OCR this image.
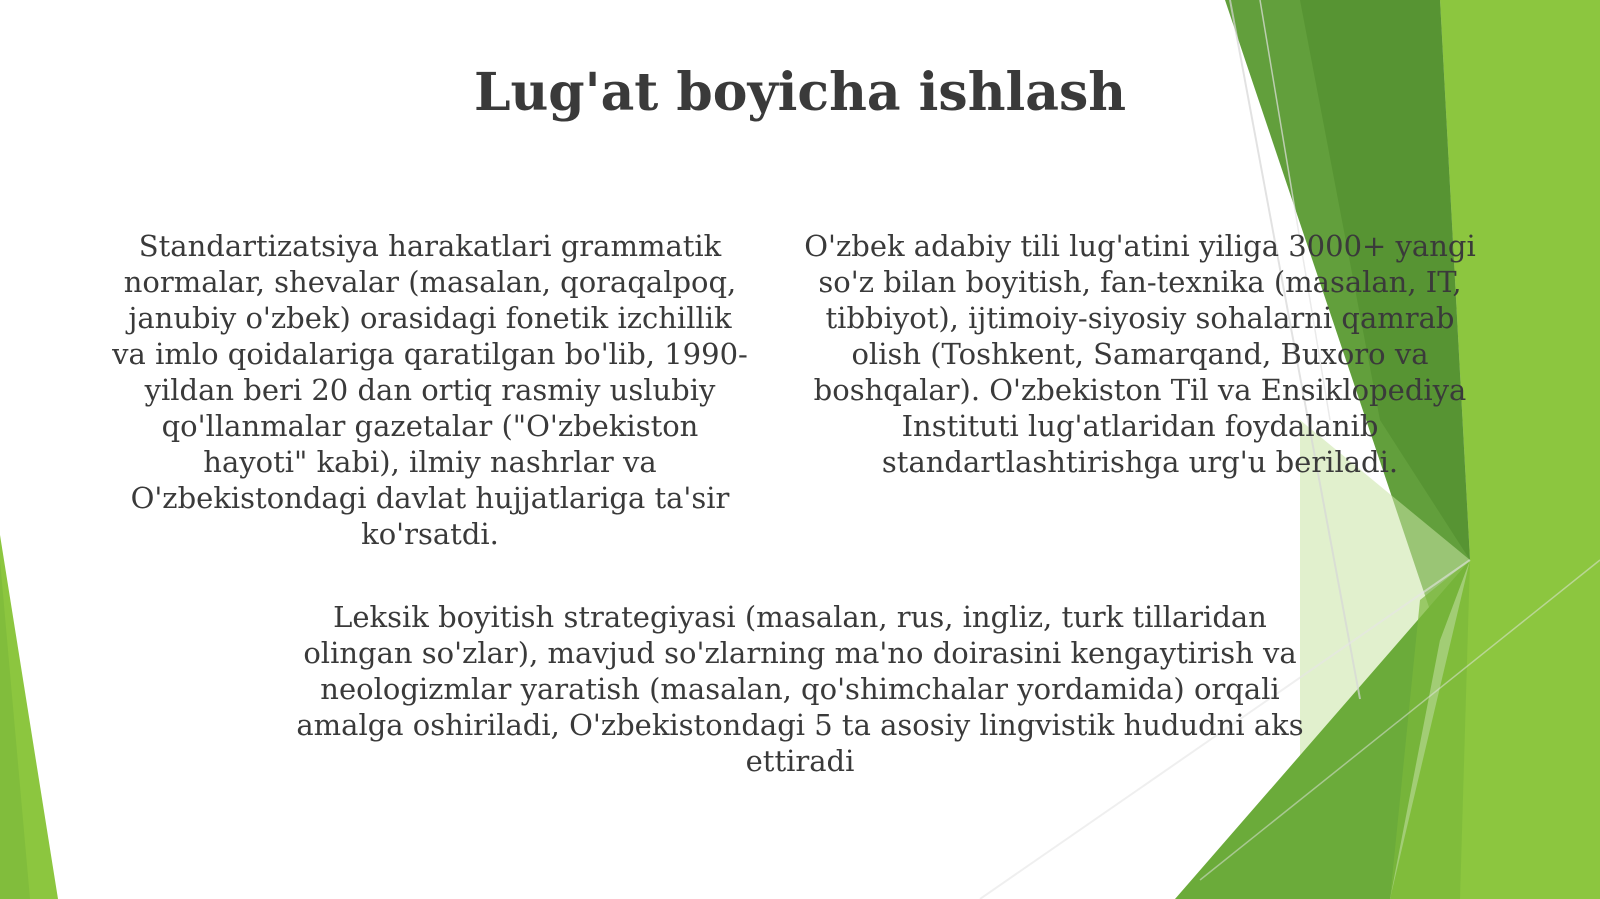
Lug'at boyicha ishlash

Standartizatsiya harakatlari grammatik normalar, shevalar (masalan, qoraqalpoq, janubiy o'zbek) orasidagi fonetik izchillik va imlo qoidalariga qaratilgan bo'lib, 1990-yildan beri 20 dan ortiq rasmiy uslubiy qo'llanmalar gazetalar ("O'zbekiston hayoti" kabi), ilmiy nashrlar va O'zbekistondagi davlat hujjatlariga ta'sir ko'rsatdi.

O'zbek adabiy tili lug'atini yiliga 3000+ yangi so'z bilan boyitish, fan-texnika (masalan, IT, tibbiyot), ijtimoiy-siyosiy sohalarni qamrab olish (Toshkent, Samarqand, Buxoro va boshqalar). O'zbekiston Til va Ensiklopediya Instituti lug'atlaridan foydalanib standartlashtirishga urg'u beriladi.

Leksik boyitish strategiyasi (masalan, rus, ingliz, turk tillaridan olingan so'zlar), mavjud so'zlarning ma'no doirasini kengaytirish va neologizmlar yaratish (masalan, qo'shimchalar yordamida) orqali amalga oshiriladi, O'zbekistondagi 5 ta asosiy lingvistik hududni aks ettiradi
